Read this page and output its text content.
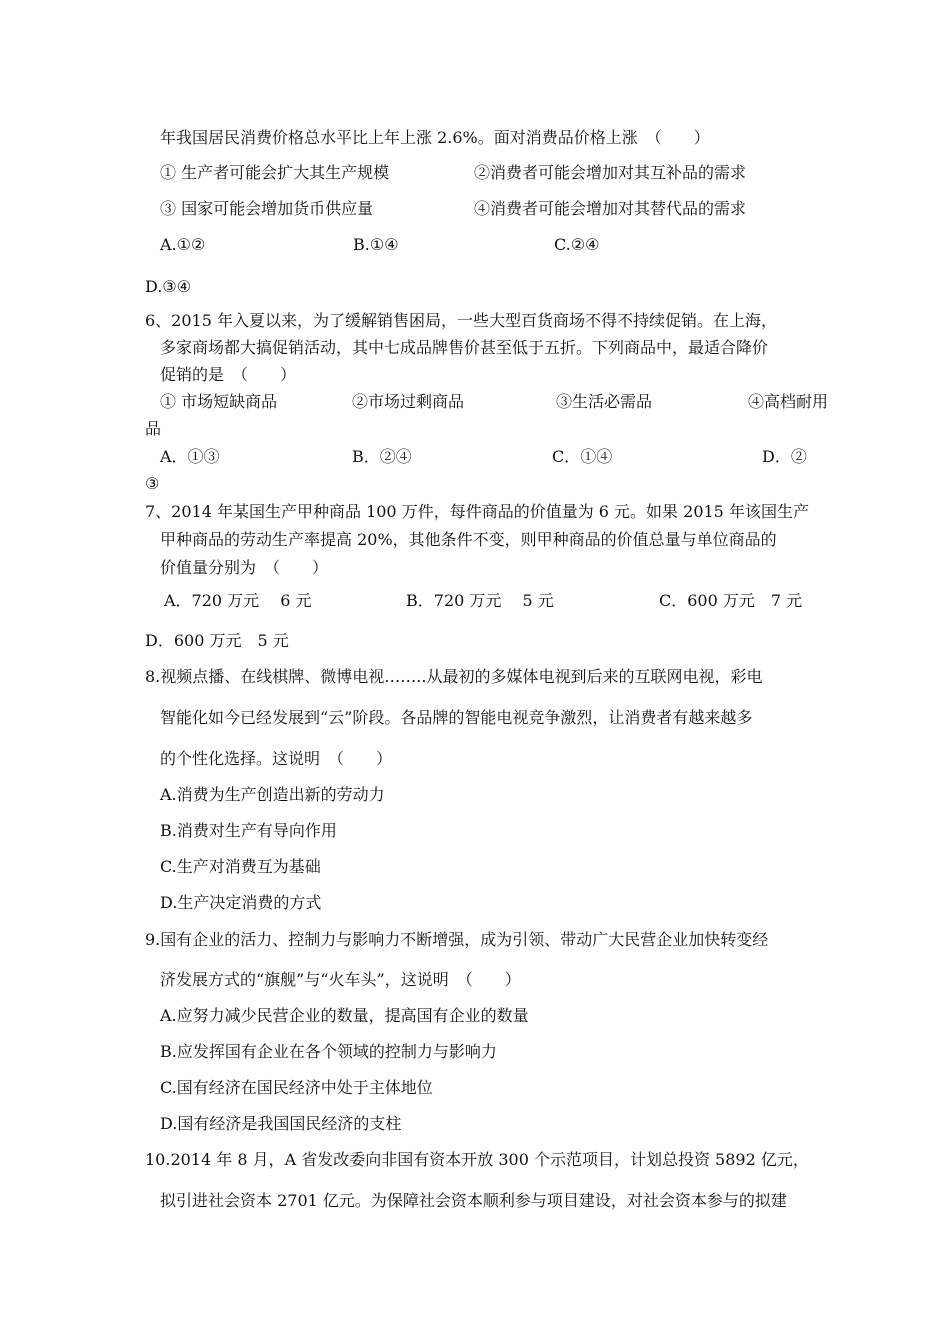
年我国居民消费价格总水平比上年上涨 2.6%。面对消费品价格上涨　（　　）
① 生产者可能会扩大其生产规模	②消费者可能会增加对其互补品的需求
③ 国家可能会增加货币供应量	④消费者可能会增加对其替代品的需求
A.①②	B.①④	C.②④
D.③④
6、2015 年入夏以来，为了缓解销售困局，一些大型百货商场不得不持续促销。在上海，
多家商场都大搞促销活动，其中七成品牌售价甚至低于五折。下列商品中，最适合降价
促销的是　（　　）
① 市场短缺商品	②市场过剩商品	③生活必需品	④高档耐用
品
A．①③	B．②④	C．①④	D．②
③
7、2014 年某国生产甲种商品 100 万件，每件商品的价值量为 6 元。如果 2015 年该国生产
甲种商品的劳动生产率提高 20%，其他条件不变，则甲种商品的价值总量与单位商品的
价值量分别为　（　　）
A．720 万元　 6 元	B．720 万元　 5 元	C．600 万元　7 元
D．600 万元　5 元
8.视频点播、在线棋牌、微博电视……..从最初的多媒体电视到后来的互联网电视，彩电
智能化如今已经发展到“云”阶段。各品牌的智能电视竞争激烈，让消费者有越来越多
的个性化选择。这说明　（　　）
A.消费为生产创造出新的劳动力
B.消费对生产有导向作用
C.生产对消费互为基础
D.生产决定消费的方式
9.国有企业的活力、控制力与影响力不断增强，成为引领、带动广大民营企业加快转变经
济发展方式的“旗舰”与“火车头”，这说明　（　　）
A.应努力减少民营企业的数量，提高国有企业的数量
B.应发挥国有企业在各个领域的控制力与影响力
C.国有经济在国民经济中处于主体地位
D.国有经济是我国国民经济的支柱
10.2014 年 8 月，A 省发改委向非国有资本开放 300 个示范项目，计划总投资 5892 亿元，
拟引进社会资本 2701 亿元。为保障社会资本顺利参与项目建设，对社会资本参与的拟建
